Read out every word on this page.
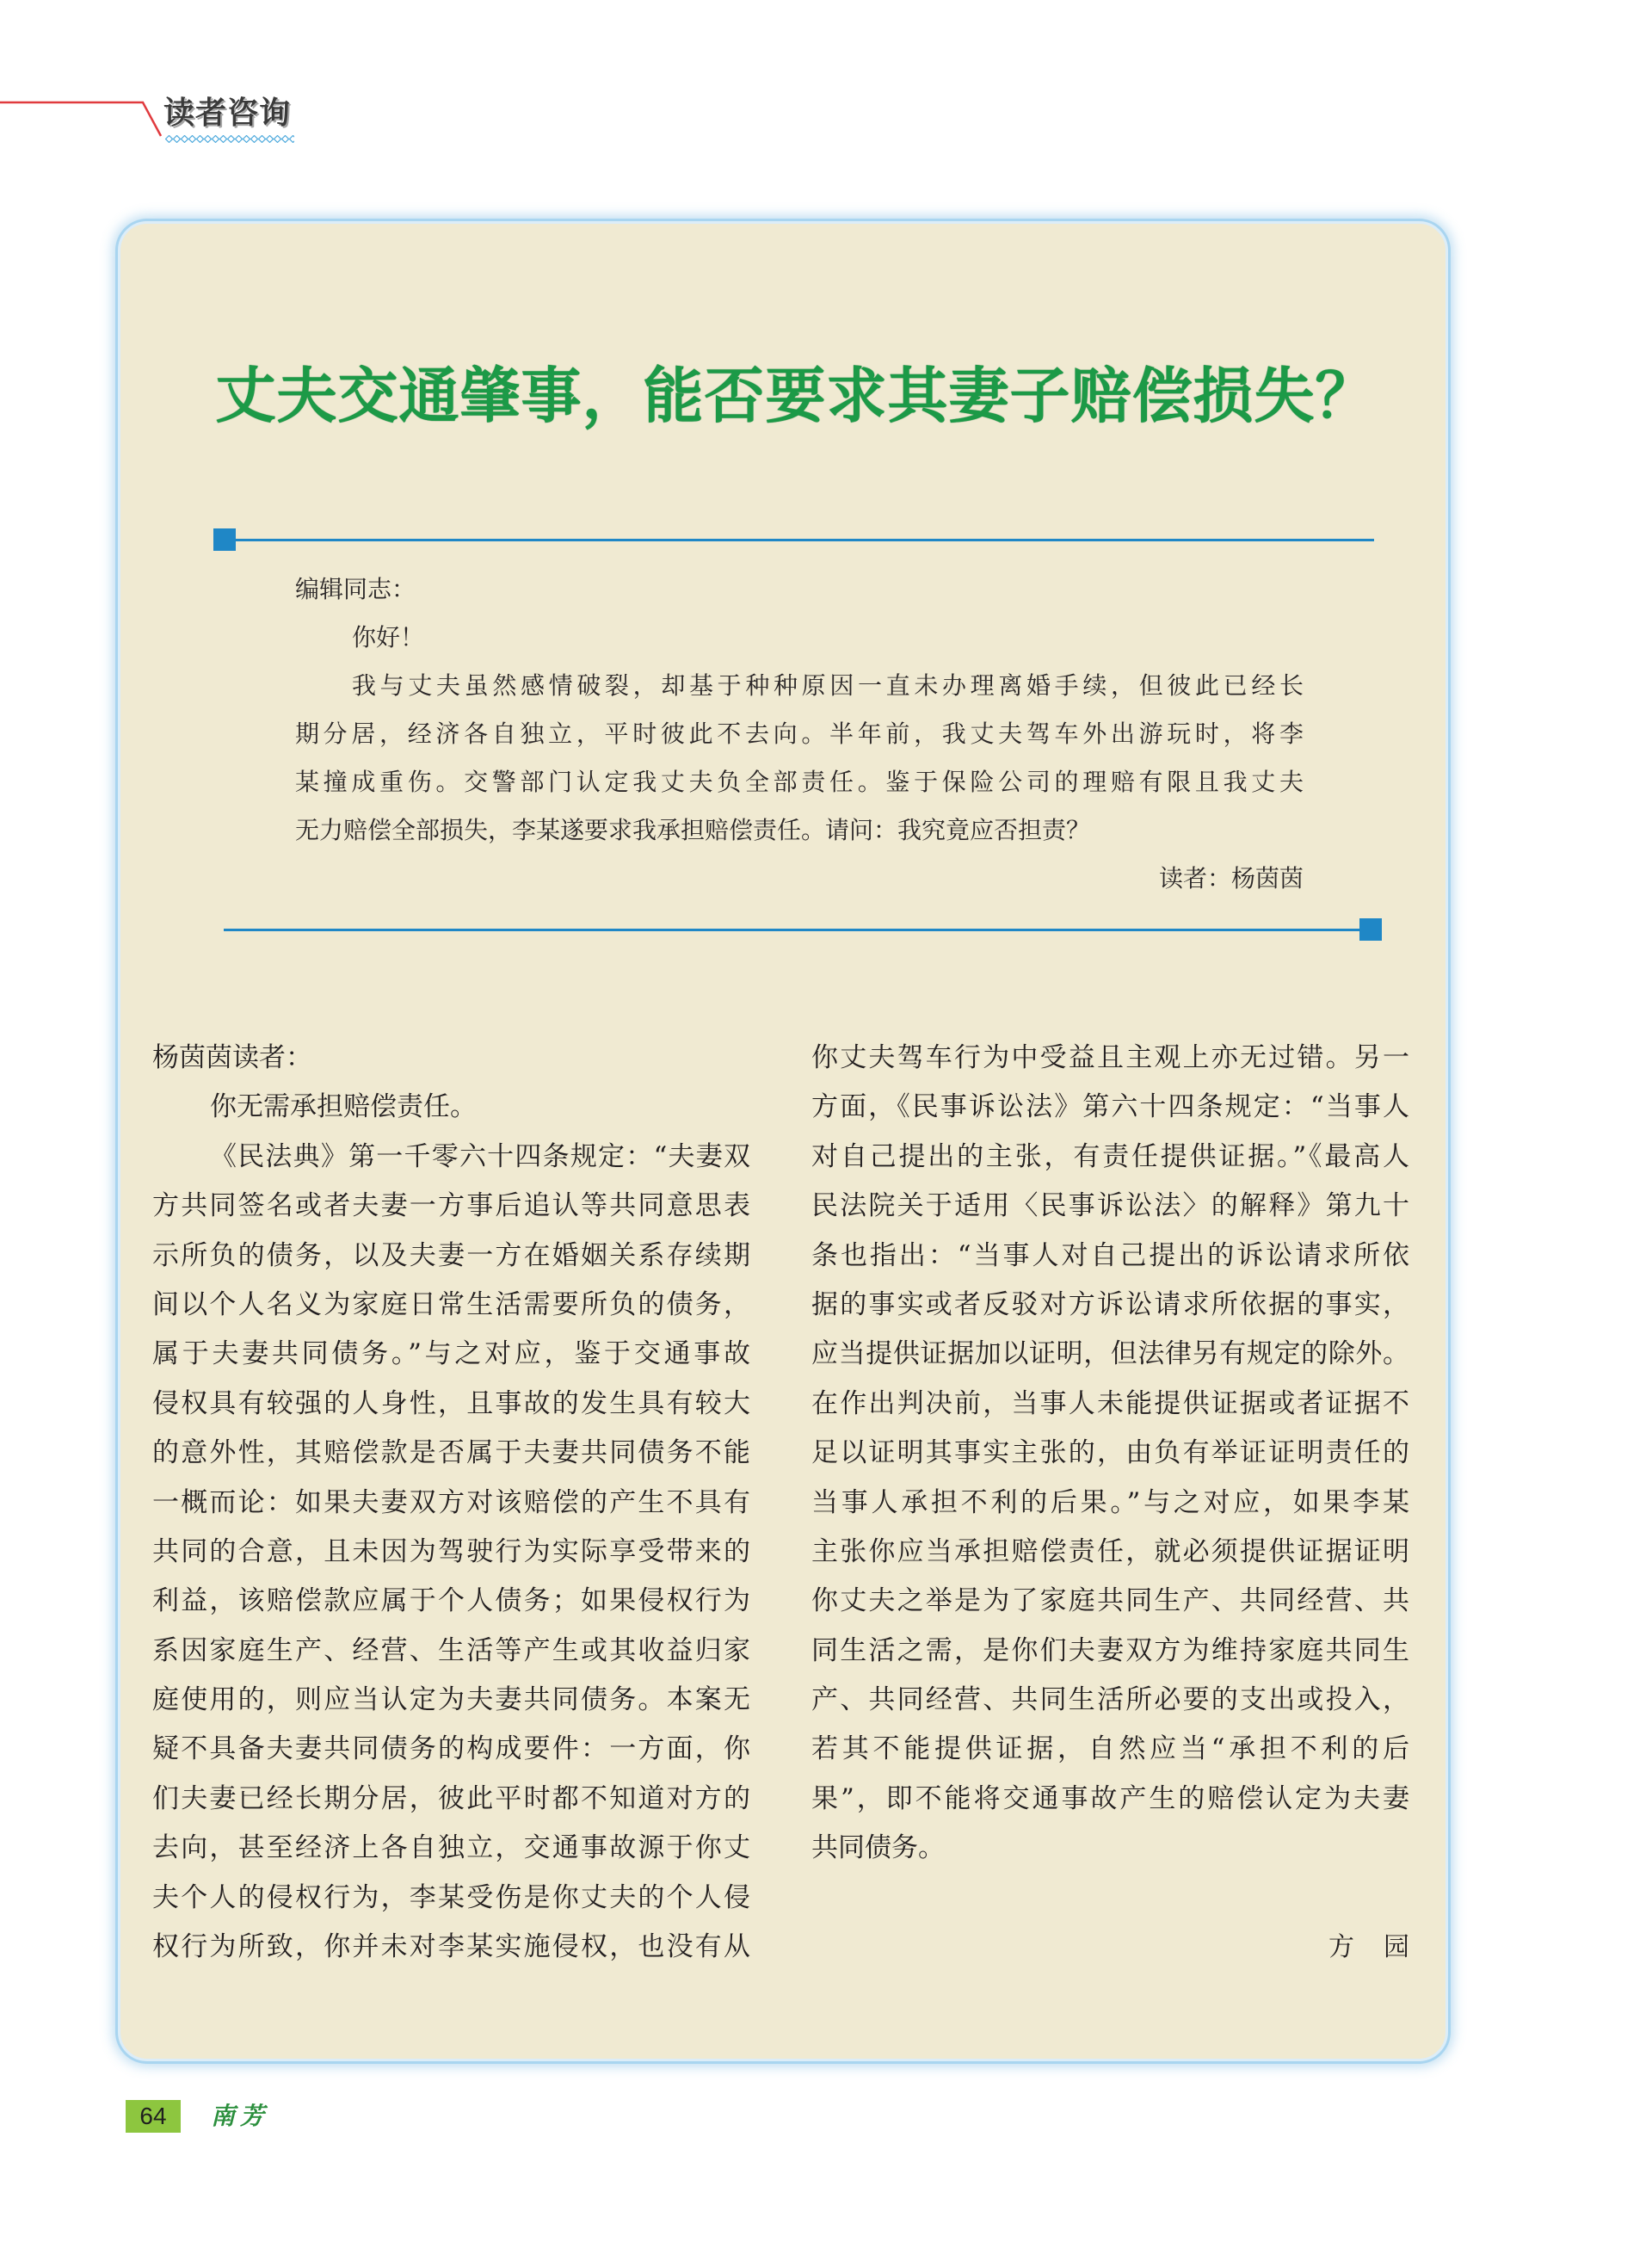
读者咨询
丈夫交通肇事，能否要求其妻子赔偿损失？
编辑同志：
你好！
我与丈夫虽然感情破裂，却基于种种原因一直未办理离婚手续，但彼此已经长
期分居，经济各自独立，平时彼此不去向。半年前，我丈夫驾车外出游玩时，将李
某撞成重伤。交警部门认定我丈夫负全部责任。鉴于保险公司的理赔有限且我丈夫
无力赔偿全部损失，李某遂要求我承担赔偿责任。请问：我究竟应否担责？
读者：杨茵茵
杨茵茵读者：
你无需承担赔偿责任。
《民法典》第一千零六十四条规定：“夫妻双
方共同签名或者夫妻一方事后追认等共同意思表
示所负的债务，以及夫妻一方在婚姻关系存续期
间以个人名义为家庭日常生活需要所负的债务，
属于夫妻共同债务。”与之对应，鉴于交通事故
侵权具有较强的人身性，且事故的发生具有较大
的意外性，其赔偿款是否属于夫妻共同债务不能
一概而论：如果夫妻双方对该赔偿的产生不具有
共同的合意，且未因为驾驶行为实际享受带来的
利益，该赔偿款应属于个人债务；如果侵权行为
系因家庭生产、经营、生活等产生或其收益归家
庭使用的，则应当认定为夫妻共同债务。本案无
疑不具备夫妻共同债务的构成要件：一方面，你
们夫妻已经长期分居，彼此平时都不知道对方的
去向，甚至经济上各自独立，交通事故源于你丈
夫个人的侵权行为，李某受伤是你丈夫的个人侵
权行为所致，你并未对李某实施侵权，也没有从
你丈夫驾车行为中受益且主观上亦无过错。另一
方面，《民事诉讼法》第六十四条规定：“当事人
对自己提出的主张，有责任提供证据。”《最高人
民法院关于适用〈民事诉讼法〉的解释》第九十
条也指出：“当事人对自己提出的诉讼请求所依
据的事实或者反驳对方诉讼请求所依据的事实，
应当提供证据加以证明，但法律另有规定的除外。
在作出判决前，当事人未能提供证据或者证据不
足以证明其事实主张的，由负有举证证明责任的
当事人承担不利的后果。”与之对应，如果李某
主张你应当承担赔偿责任，就必须提供证据证明
你丈夫之举是为了家庭共同生产、共同经营、共
同生活之需，是你们夫妻双方为维持家庭共同生
产、共同经营、共同生活所必要的支出或投入，
若其不能提供证据，自然应当“承担不利的后
果”，即不能将交通事故产生的赔偿认定为夫妻
共同债务。
方园
64	南芳
